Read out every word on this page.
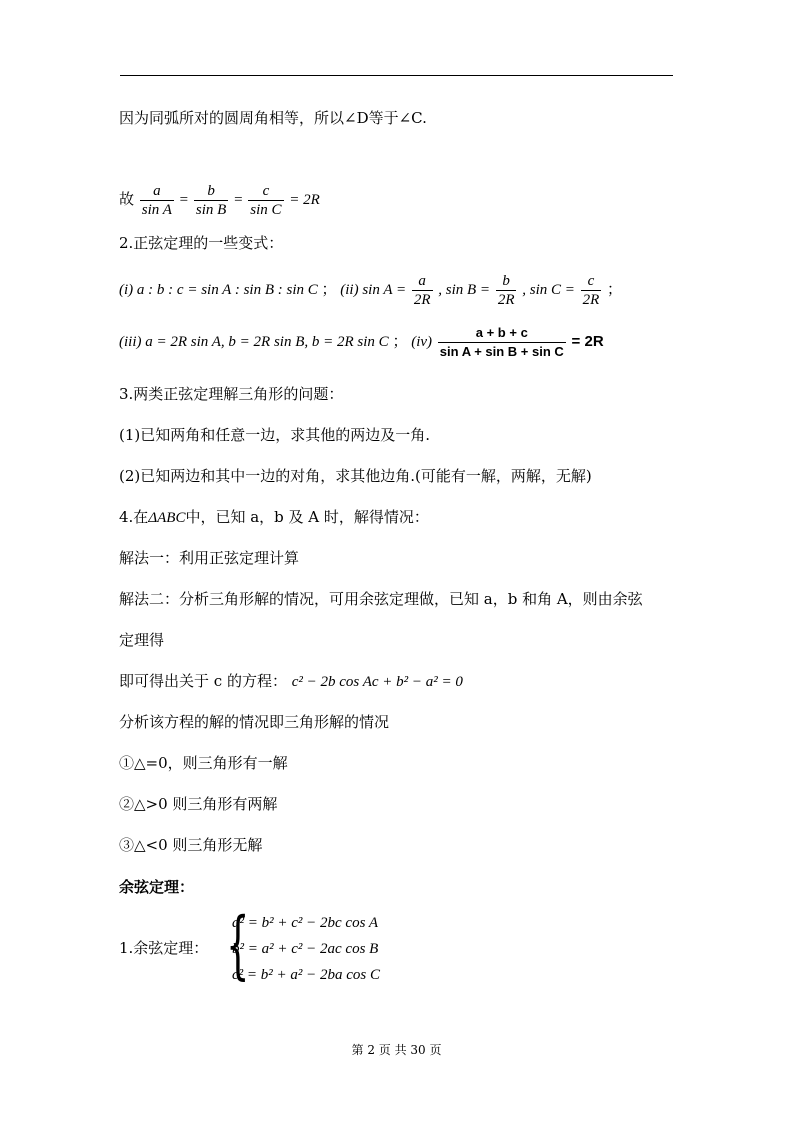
因为同弧所对的圆周角相等，所以∠D等于∠C.
故 $\frac{a}{\text{sin A}} = \frac{b}{\text{sin B}} = \frac{c}{\text{sin C}} = 2R$
2.正弦定理的一些变式：
(i) a : b : c = sin A : sin B : sin C ； (ii) $\sin A = \frac{a}{2R}$ , $\sin B = \frac{b}{2R}$ , $\sin C = \frac{c}{2R}$ ；
(iii) a = 2R sin A, b = 2R sin B, b = 2R sin C ； $(iv) \frac{a + b + c}{\text{sin A + sin B + sin C}} = 2R$
3.两类正弦定理解三角形的问题：
(1)已知两角和任意一边，求其他的两边及一角.
(2)已知两边和其中一边的对角，求其他边角.(可能有一解，两解，无解)
4.在ΔABC中，已知 a，b 及 A 时，解得情况：
解法一：利用正弦定理计算
解法二：分析三角形解的情况，可用余弦定理做，已知 a，b 和角 A，则由余弦
定理得
即可得出关于 c 的方程： c² − 2b cos Ac + b² − a² = 0
分析该方程的解的情况即三角形解的情况
①△=0，则三角形有一解
②△>0 则三角形有两解
③△<0 则三角形无解
余弦定理：
1.余弦定理： {
a² = b² + c² − 2bc cos A
b² = a² + c² − 2ac cos B
c² = b² + a² − 2ba cos C
第 2 页 共 30 页
